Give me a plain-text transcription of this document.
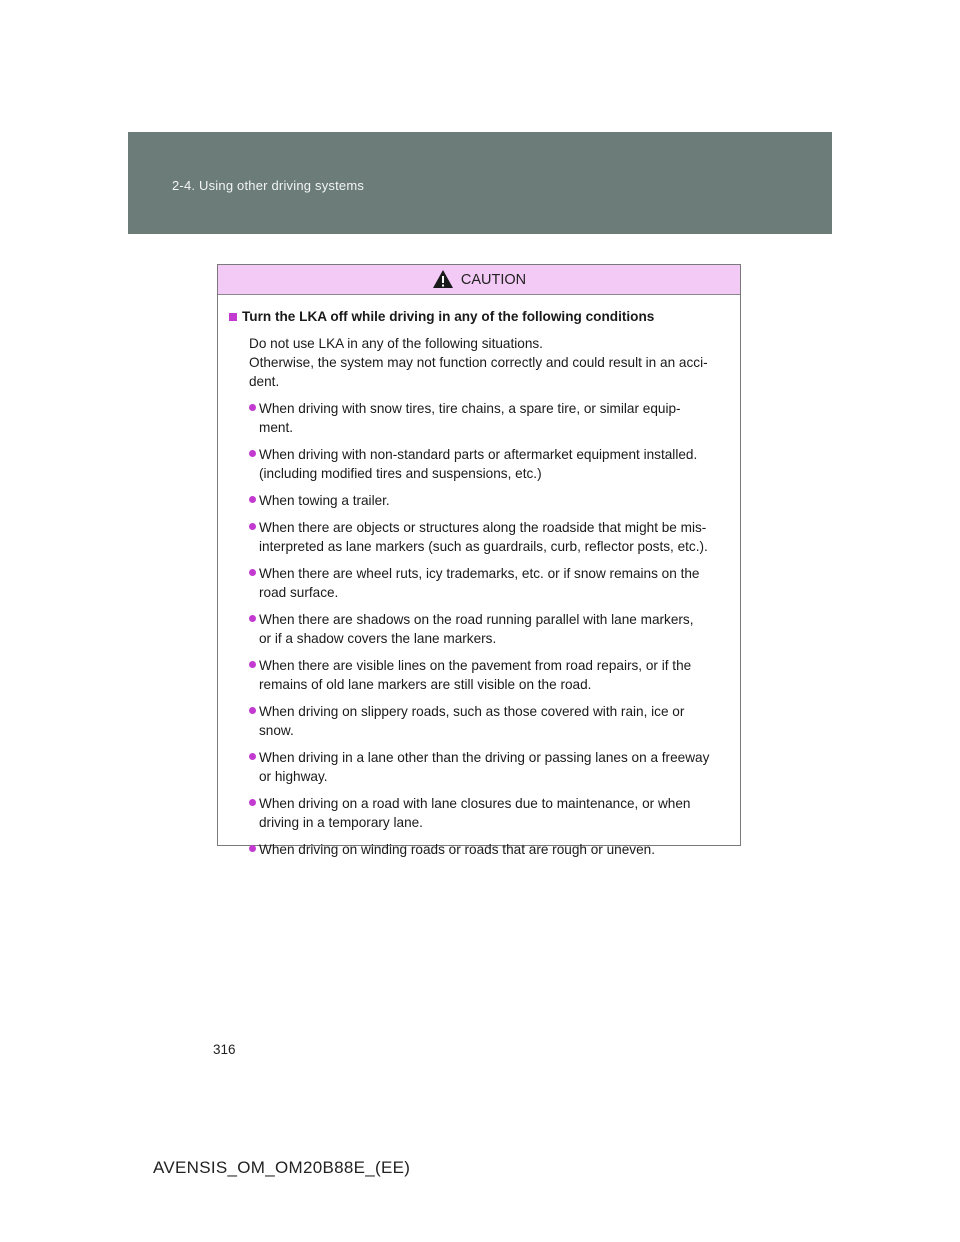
2-4. Using other driving systems
CAUTION
Turn the LKA off while driving in any of the following conditions
Do not use LKA in any of the following situations.
Otherwise, the system may not function correctly and could result in an acci-
dent.
When driving with snow tires, tire chains, a spare tire, or similar equip-
ment.
When driving with non-standard parts or aftermarket equipment installed.
(including modified tires and suspensions, etc.)
When towing a trailer.
When there are objects or structures along the roadside that might be mis-
interpreted as lane markers (such as guardrails, curb, reflector posts, etc.).
When there are wheel ruts, icy trademarks, etc. or if snow remains on the
road surface.
When there are shadows on the road running parallel with lane markers,
or if a shadow covers the lane markers.
When there are visible lines on the pavement from road repairs, or if the
remains of old lane markers are still visible on the road.
When driving on slippery roads, such as those covered with rain, ice or
snow.
When driving in a lane other than the driving or passing lanes on a freeway
or highway.
When driving on a road with lane closures due to maintenance, or when
driving in a temporary lane.
When driving on winding roads or roads that are rough or uneven.
316
AVENSIS_OM_OM20B88E_(EE)
